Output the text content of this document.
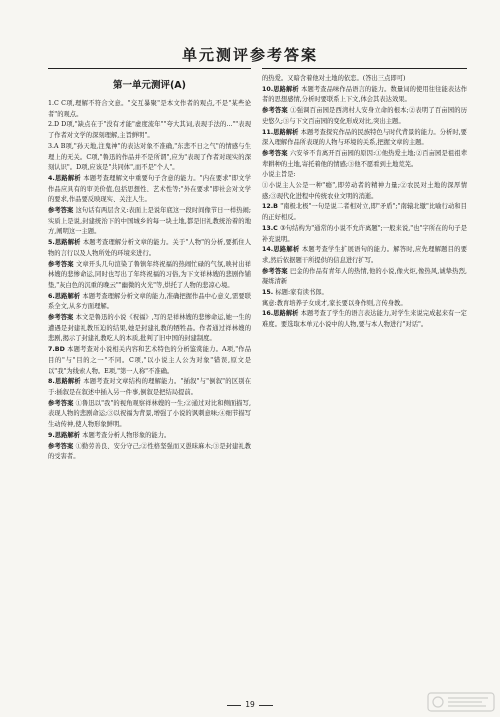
单元测评参考答案
第一单元测评(A)

1.C C项,理解不符合文意。"交互暴聚"是本文作者的观点,不是"某些论者"的观点。

2.D D项,"缺点在于"没有才能"虚度流年""夸大其词,表现手法的...""表现了作者对文学的深刻理解,主旨鲜明"。

3.A B项,"孙天地,注鬼神"的表达对象不准确,"东悲不日之气"的情感与生理上的无关。C项,"鲁迅的作品并不是所谓",应为"表现了作者对现实的深刻认识"。D项,应该是"共同体",而不是"个人"。

4.思路解析 本题考查理解文中重要句子含意的能力。"内在要求"即文学作品应具有的审美价值,包括思想性、艺术性等;"外在要求"即社会对文学的要求,作品要反映现实、关注人生。

参考答案 这句话有两层含义:表面上是说年底这一段时间像节日一样热闹;实质上是说,封建统治下的中国城乡的每一块土地,都是旧礼教统治着的地方,阐明这一主题。

5.思路解析 本题考查理解分析文章的能力。关于"人物"的分析,要抓住人物的言行以及人物所处的环境来进行。

参考答案 文章开头几句渲染了鲁镇年终祝福的热闹忙碌的气氛,映衬出祥林嫂的悲惨命运,同时也写出了年终祝福的习俗,为下文祥林嫂的悲剧作铺垫,"灰白色的沉重的晚云""幽微的火光"等,烘托了人物的悲凉心境。

6.思路解析 本题考查理解分析文章的能力,准确把握作品中心意义,需要联系全文,从多方面理解。

参考答案 本文是鲁迅的小说《祝福》,写的是祥林嫂的悲惨命运,她一生的遭遇是封建礼教压迫的结果,她是封建礼教的牺牲品。作者通过祥林嫂的悲剧,揭示了封建礼教吃人的本质,批判了旧中国的封建制度。

7.BD 本题考查对小说相关内容和艺术特色的分析鉴赏能力。A项,"作品目的"与"目的之一"不同。C项,"以小说主人公为对象"错误,原文是以"我"为线索人物。E项,"第一人称"不准确。

8.思路解析 本题考查对文章结构的理解能力。"插叙"与"倒叙"的区别在于:插叙是在叙述中插入另一件事,倒叙是把结局提前。

参考答案 ①鲁迅以"我"的视角观察祥林嫂的一生;②通过对比和侧面描写,表现人物的悲剧命运;③以祝福为背景,增强了小说的讽刺意味;④细节描写生动传神,使人物形象鲜明。

9.思路解析 本题考查分析人物形象的能力。

参考答案 ①勤劳善良、安分守己;②性格坚强而又愚昧麻木;③是封建礼教的受害者。

的热爱。又暗含着他对土地的依恋。(答出三点即可)

10.思路解析 本题考查品味作品语言的能力。数量词的使用往往能表达作者的思想感情,分析时要联系上下文,体会其表达效果。

参考答案 ①强调百亩园是西湾村人安身立命的根本;②表明了百亩园的历史悠久;③与下文百亩园的变化形成对比,突出主题。

11.思路解析 本题考查探究作品的民族特色与时代背景的能力。分析时,要深入理解作品所表现的人物与环境的关系,把握文章的主题。

参考答案 六安爷不肯离开百亩园的原因:①他热爱土地;②百亩园是祖祖辈辈耕种的土地,寄托着他的情感;③他不愿看到土地荒芜。

小说主旨是:

①小说主人公是一种"瘾",即劳动者的精神力量;②农民对土地的深厚情感;③现代化进程中传统农业文明的消逝。

12.B "南极北极"一句是说二者相对立,即"矛盾";"南辕北辙"比喻行动和目的正好相反。

13.C ③句结构为"通常的小说不允许离题";一般来说,"也"字所在的句子是补充说明。

14.思路解析 本题考查学生扩展语句的能力。解答时,应先理解题目的要求,然后依据题干所提供的信息进行扩写。

参考答案 巴金的作品有青年人的热情,他的小说,像火炬,像热风,诚挚热烈,凝练清新

15. 标题:家有读书郎。

寓意:教育培养子女成才,家长要以身作则,言传身教。

16.思路解析 本题考查了学生的语言表达能力,对学生来说完成起来有一定难度。要选取本单元小说中的人物,要与本人物进行"对话"。

19
